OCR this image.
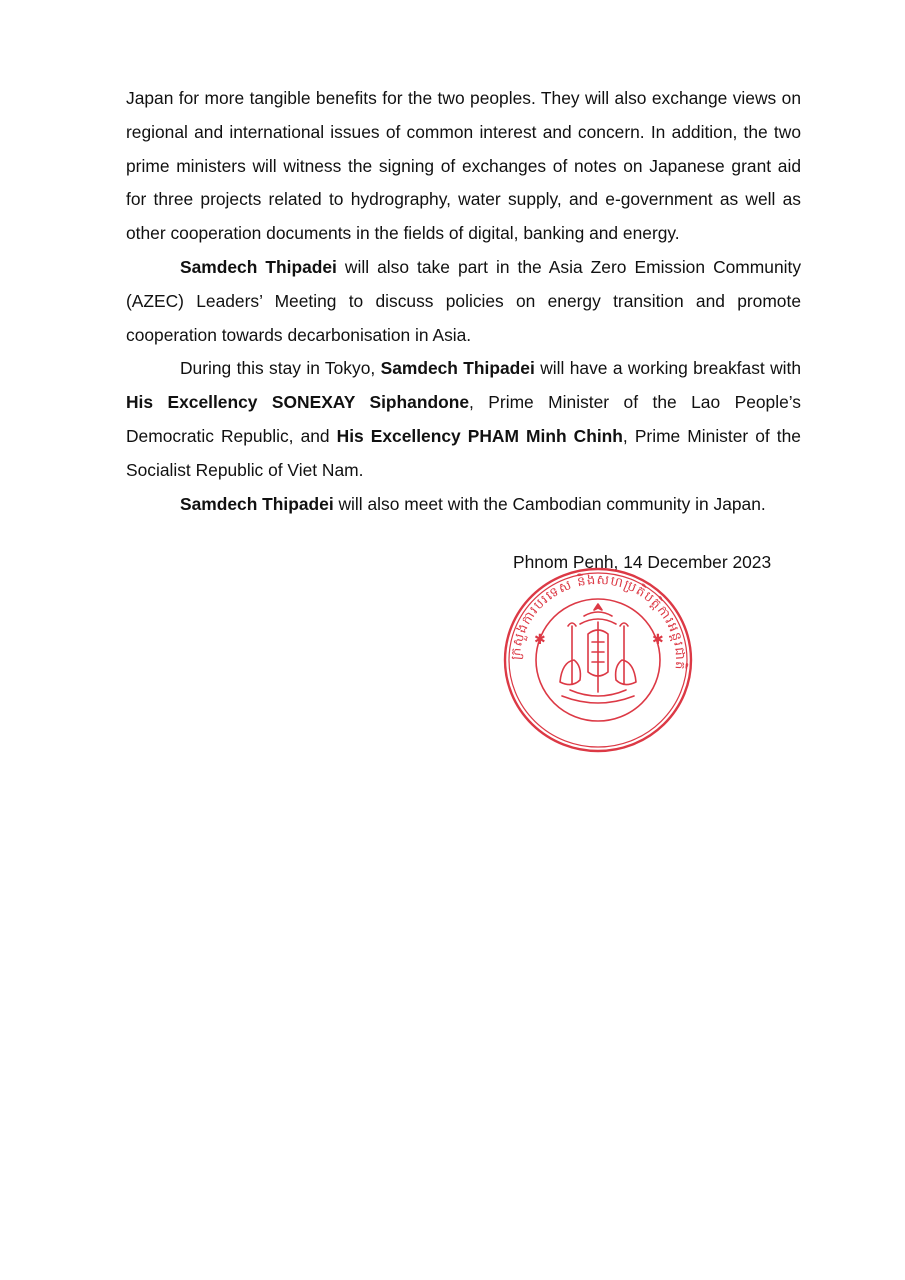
Japan for more tangible benefits for the two peoples. They will also exchange views on regional and international issues of common interest and concern. In addition, the two prime ministers will witness the signing of exchanges of notes on Japanese grant aid for three projects related to hydrography, water supply, and e-government as well as other cooperation documents in the fields of digital, banking and energy.

Samdech Thipadei will also take part in the Asia Zero Emission Community (AZEC) Leaders’ Meeting to discuss policies on energy transition and promote cooperation towards decarbonisation in Asia.

During this stay in Tokyo, Samdech Thipadei will have a working breakfast with His Excellency SONEXAY Siphandone, Prime Minister of the Lao People’s Democratic Republic, and His Excellency PHAM Minh Chinh, Prime Minister of the Socialist Republic of Viet Nam.

Samdech Thipadei will also meet with the Cambodian community in Japan.

Phnom Penh, 14 December 2023
ក្រសួងការបរទេស និងសហប្រតិបត្តិការអន្តរជាតិ
✱	✱
